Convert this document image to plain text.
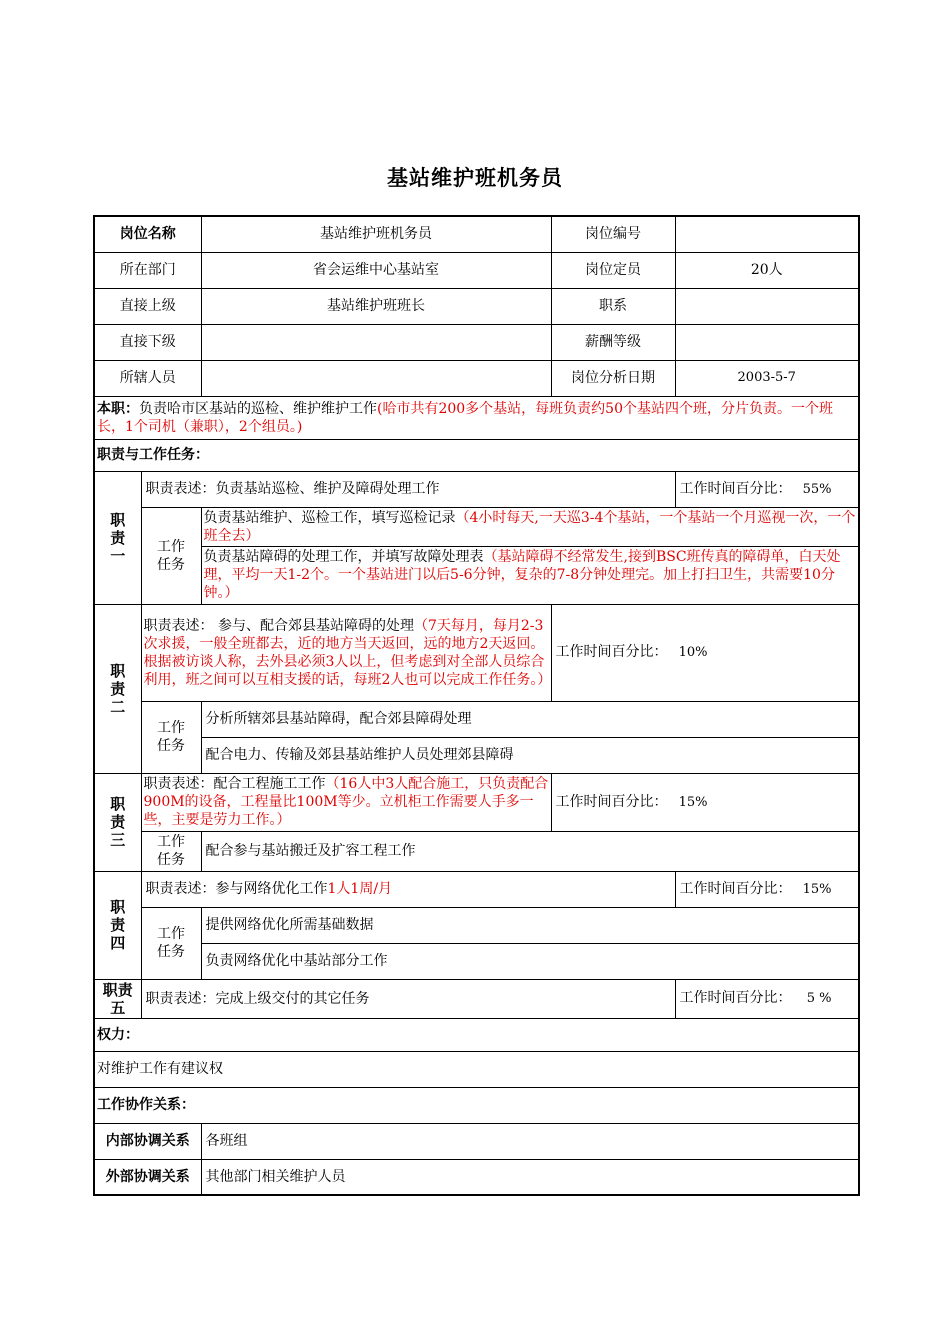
基站维护班机务员
岗位名称		基站维护班机务员	岗位编号	
所在部门		省会运维中心基站室	岗位定员	20人
直接上级		基站维护班班长	职系	
直接下级			薪酬等级	
所辖人员			岗位分析日期	2003-5-7
本职：负责哈市区基站的巡检、维护维护工作(哈市共有200多个基站，每班负责约50个基站四个班，分片负责。一个班长，1个司机（兼职），2个组员。)				
职责与工作任务：				
职
责
一	职责表述：负责基站巡检、维护及障碍处理工作			工作时间百分比： 55%
	工作
任务	负责基站维护、巡检工作，填写巡检记录（4小时每天,一天巡3-4个基站，一个基站一个月巡视一次，一个班全去）		
		负责基站障碍的处理工作，并填写故障处理表（基站障碍不经常发生,接到BSC班传真的障碍单，白天处理，平均一天1-2个。一个基站进门以后5-6分钟，复杂的7-8分钟处理完。加上打扫卫生，共需要10分钟。）		
职
责
二	职责表述： 参与、配合郊县基站障碍的处理（7天每月，每月2-3次求援，一般全班都去，近的地方当天返回，远的地方2天返回。根据被访谈人称，去外县必须3人以上，但考虑到对全部人员综合利用，班之间可以互相支援的话，每班2人也可以完成工作任务。）		工作时间百分比： 10%	
	工作
任务	分析所辖郊县基站障碍，配合郊县障碍处理		
		配合电力、传输及郊县基站维护人员处理郊县障碍		
职
责
三	职责表述：配合工程施工工作（16人中3人配合施工，只负责配合900M的设备，工程量比100M等少。立机柜工作需要人手多一些，主要是劳力工作。）		工作时间百分比： 15%	
	工作
任务	配合参与基站搬迁及扩容工程工作		
职
责
四	职责表述：参与网络优化工作1人1周/月			工作时间百分比： 15%
	工作
任务	提供网络优化所需基础数据		
		负责网络优化中基站部分工作		
职责
五	职责表述：完成上级交付的其它任务			工作时间百分比： 5 %
权力：				
对维护工作有建议权				
工作协作关系：				
内部协调关系		各班组		
外部协调关系		其他部门相关维护人员		
